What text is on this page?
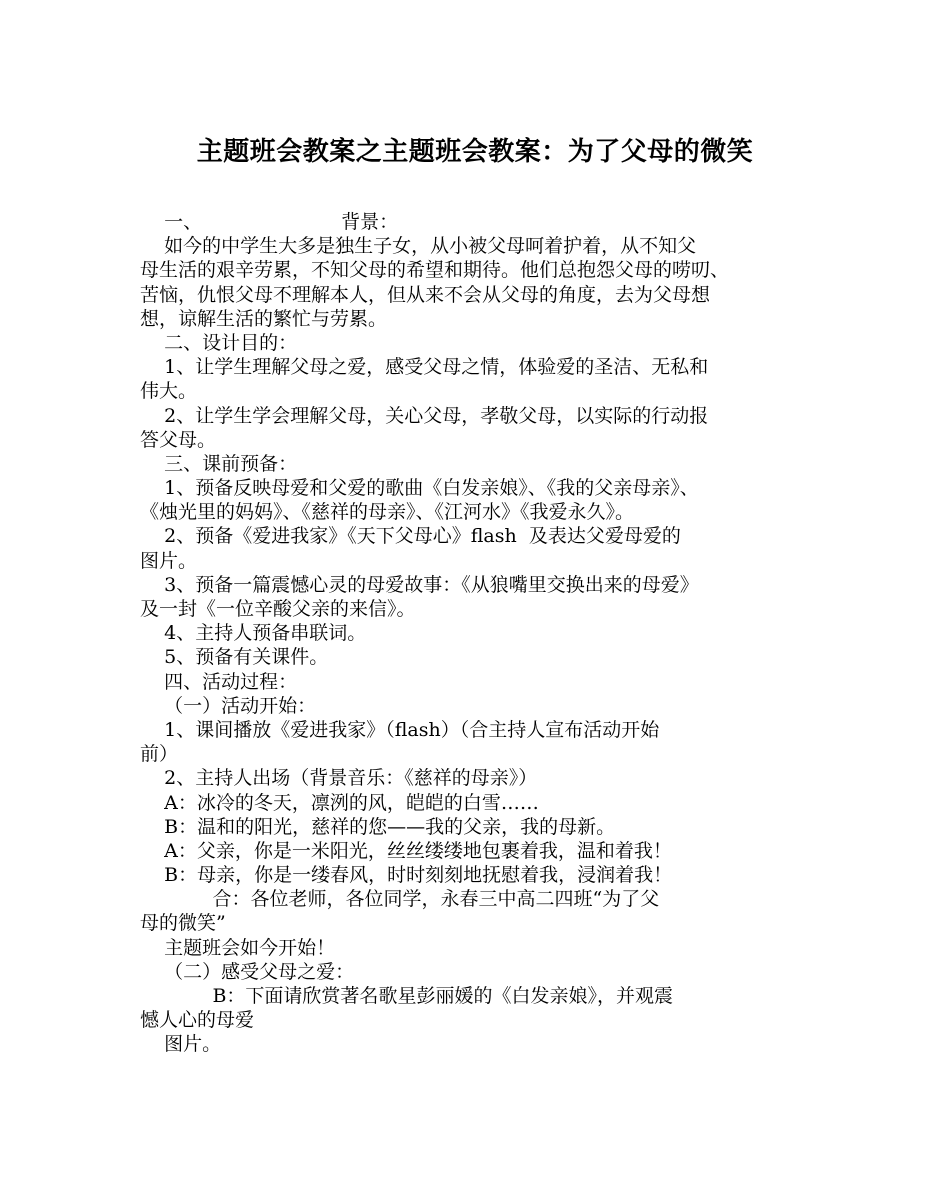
主题班会教案之主题班会教案：为了父母的微笑
一、                       背景：
如今的中学生大多是独生子女，从小被父母呵着护着，从不知父
母生活的艰辛劳累，不知父母的希望和期待。他们总抱怨父母的唠叨、
苦恼，仇恨父母不理解本人，但从来不会从父母的角度，去为父母想
想，谅解生活的繁忙与劳累。
二、设计目的：
1、让学生理解父母之爱，感受父母之情，体验爱的圣洁、无私和
伟大。
2、让学生学会理解父母，关心父母，孝敬父母，以实际的行动报
答父母。
三、课前预备：
1、预备反映母爱和父爱的歌曲《白发亲娘》、《我的父亲母亲》、
《烛光里的妈妈》、《慈祥的母亲》、《江河水》《我爱永久》。
2、预备《爱进我家》《天下父母心》flash  及表达父爱母爱的
图片。
3、预备一篇震憾心灵的母爱故事：《从狼嘴里交换出来的母爱》
及一封《一位辛酸父亲的来信》。
4、主持人预备串联词。
5、预备有关课件。
四、活动过程：
（一）活动开始：
1、课间播放《爱进我家》（flash）（合主持人宣布活动开始
前）
2、主持人出场（背景音乐：《慈祥的母亲》）
A：冰冷的冬天，凛洌的风，皑皑的白雪……
B：温和的阳光，慈祥的您——我的父亲，我的母新。
A：父亲，你是一米阳光，丝丝缕缕地包裹着我，温和着我！
B：母亲，你是一缕春风，时时刻刻地抚慰着我，浸润着我！
合：各位老师，各位同学，永春三中高二四班“为了父
母的微笑”
主题班会如今开始！
（二）感受父母之爱：
B：下面请欣赏著名歌星彭丽媛的《白发亲娘》，并观震
憾人心的母爱
图片。
